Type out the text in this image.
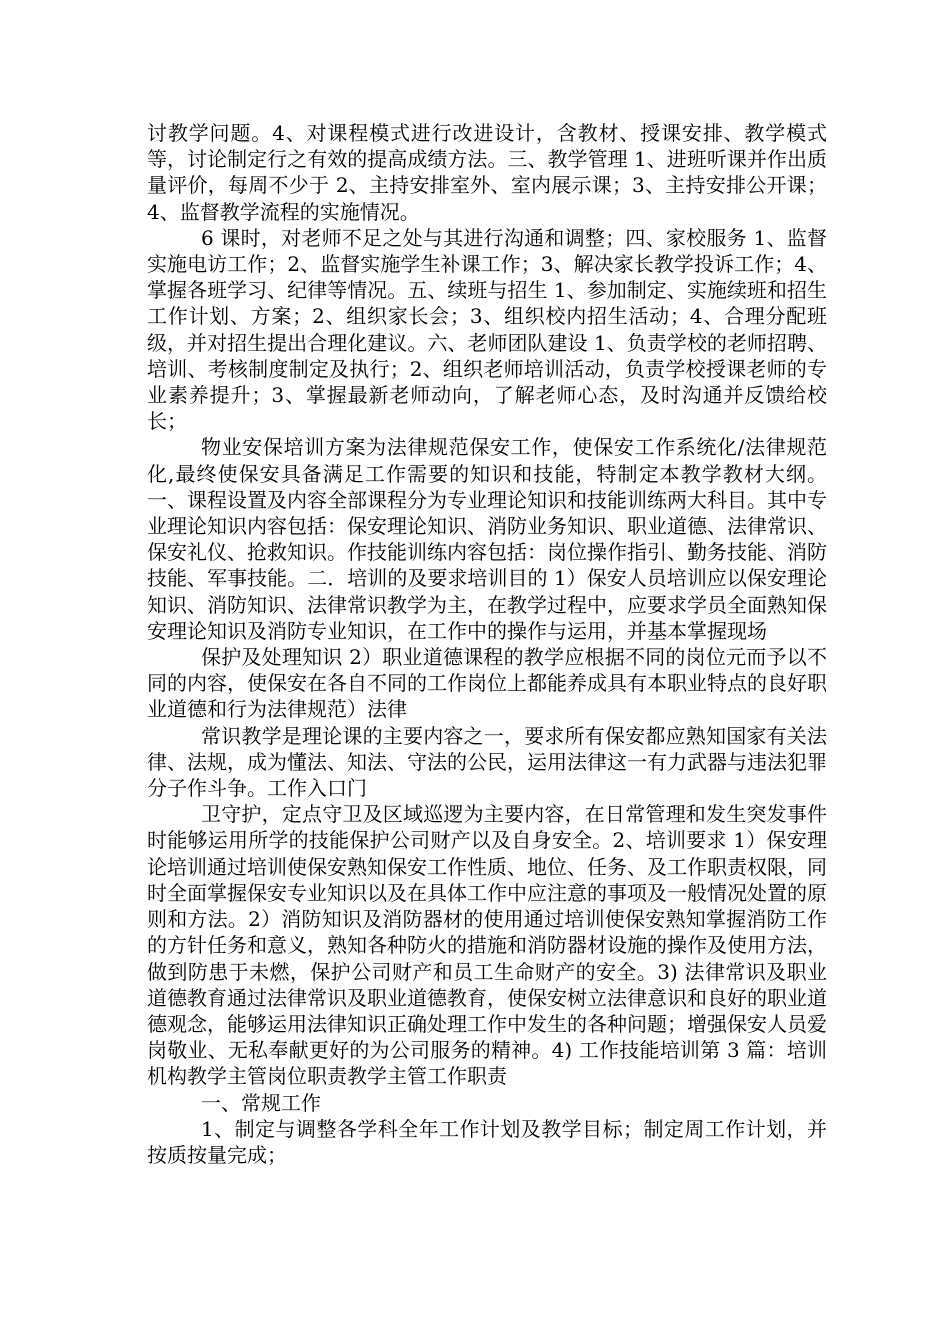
讨教学问题。4、对课程模式进行改进设计，含教材、授课安排、教学模式等，讨论制定行之有效的提高成绩方法。三、教学管理 1、进班听课并作出质量评价，每周不少于 2、主持安排室外、室内展示课；3、主持安排公开课；4、监督教学流程的实施情况。

6 课时，对老师不足之处与其进行沟通和调整；四、家校服务 1、监督实施电访工作；2、监督实施学生补课工作；3、解决家长教学投诉工作；4、掌握各班学习、纪律等情况。五、续班与招生 1、参加制定、实施续班和招生工作计划、方案；2、组织家长会；3、组织校内招生活动；4、合理分配班级，并对招生提出合理化建议。六、老师团队建设 1、负责学校的老师招聘、培训、考核制度制定及执行；2、组织老师培训活动，负责学校授课老师的专业素养提升；3、掌握最新老师动向，了解老师心态，及时沟通并反馈给校长；

物业安保培训方案为法律规范保安工作，使保安工作系统化/法律规范化,最终使保安具备满足工作需要的知识和技能，特制定本教学教材大纲。一、课程设置及内容全部课程分为专业理论知识和技能训练两大科目。其中专业理论知识内容包括：保安理论知识、消防业务知识、职业道德、法律常识、保安礼仪、抢救知识。作技能训练内容包括：岗位操作指引、勤务技能、消防技能、军事技能。二．培训的及要求培训目的 1）保安人员培训应以保安理论知识、消防知识、法律常识教学为主，在教学过程中，应要求学员全面熟知保安理论知识及消防专业知识，在工作中的操作与运用，并基本掌握现场

保护及处理知识 2）职业道德课程的教学应根据不同的岗位元而予以不同的内容，使保安在各自不同的工作岗位上都能养成具有本职业特点的良好职业道德和行为法律规范）法律

常识教学是理论课的主要内容之一，要求所有保安都应熟知国家有关法律、法规，成为懂法、知法、守法的公民，运用法律这一有力武器与违法犯罪分子作斗争。工作入口门

卫守护，定点守卫及区域巡逻为主要内容，在日常管理和发生突发事件时能够运用所学的技能保护公司财产以及自身安全。2、培训要求 1）保安理论培训通过培训使保安熟知保安工作性质、地位、任务、及工作职责权限，同时全面掌握保安专业知识以及在具体工作中应注意的事项及一般情况处置的原则和方法。2）消防知识及消防器材的使用通过培训使保安熟知掌握消防工作的方针任务和意义，熟知各种防火的措施和消防器材设施的操作及使用方法，做到防患于未燃，保护公司财产和员工生命财产的安全。3) 法律常识及职业道德教育通过法律常识及职业道德教育，使保安树立法律意识和良好的职业道德观念，能够运用法律知识正确处理工作中发生的各种问题；增强保安人员爱岗敬业、无私奉献更好的为公司服务的精神。4) 工作技能培训第 3 篇：培训机构教学主管岗位职责教学主管工作职责

一、常规工作

1、制定与调整各学科全年工作计划及教学目标；制定周工作计划，并按质按量完成；
